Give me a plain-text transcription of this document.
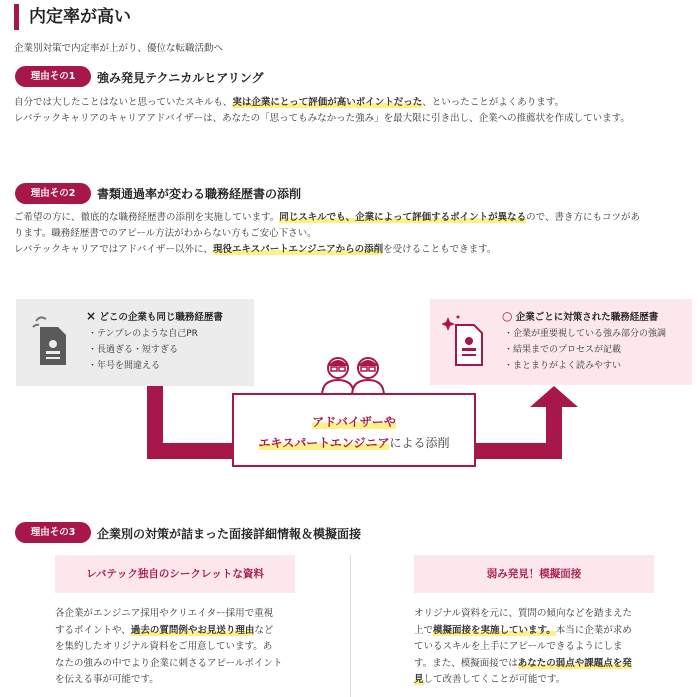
内定率が高い
企業別対策で内定率が上がり、優位な転職活動へ
理由その1	強み発見テクニカルヒアリング

自分では大したことはないと思っていたスキルも、実は企業にとって評価が高いポイントだった、といったことがよくあります。

レバテックキャリアのキャリアアドバイザーは、あなたの「思ってもみなかった強み」を最大限に引き出し、企業への推薦状を作成しています。

理由その2	書類通過率が変わる職務経歴書の添削

ご希望の方に、徹底的な職務経歴書の添削を実施しています。同じスキルでも、企業によって評価するポイントが異なるので、書き方にもコツがあ

ります。職務経歴書でのアピール方法がわからない方もご安心下さい。

レバテックキャリアではアドバイザー以外に、現役エキスパートエンジニアからの添削を受けることもできます。

× どこの企業も同じ職務経歴書
・テンプレのような自己PR
・長過ぎる・短すぎる
・年号を間違える
○ 企業ごとに対策された職務経歴書
・企業が重要視している強み部分の強調
・結果までのプロセスが記載
・まとまりがよく読みやすい
アドバイザーや
エキスパートエンジニアによる添削
理由その3	企業別の対策が詰まった面接詳細情報＆模擬面接
レバテック独自のシークレットな資料	弱み発見！模擬面接

各企業がエンジニア採用やクリエイター採用で重視

するポイントや、過去の質問例やお見送り理由など

を集約したオリジナル資料をご用意しています。あ

なたの強みの中でより企業に刺さるアピールポイント

を伝える事が可能です。

オリジナル資料を元に、質問の傾向などを踏まえた

上で模擬面接を実施しています。本当に企業が求め

ているスキルを上手にアピールできるようにしま

す。また、模擬面接ではあなたの弱点や課題点を発

見して改善してくことが可能です。
